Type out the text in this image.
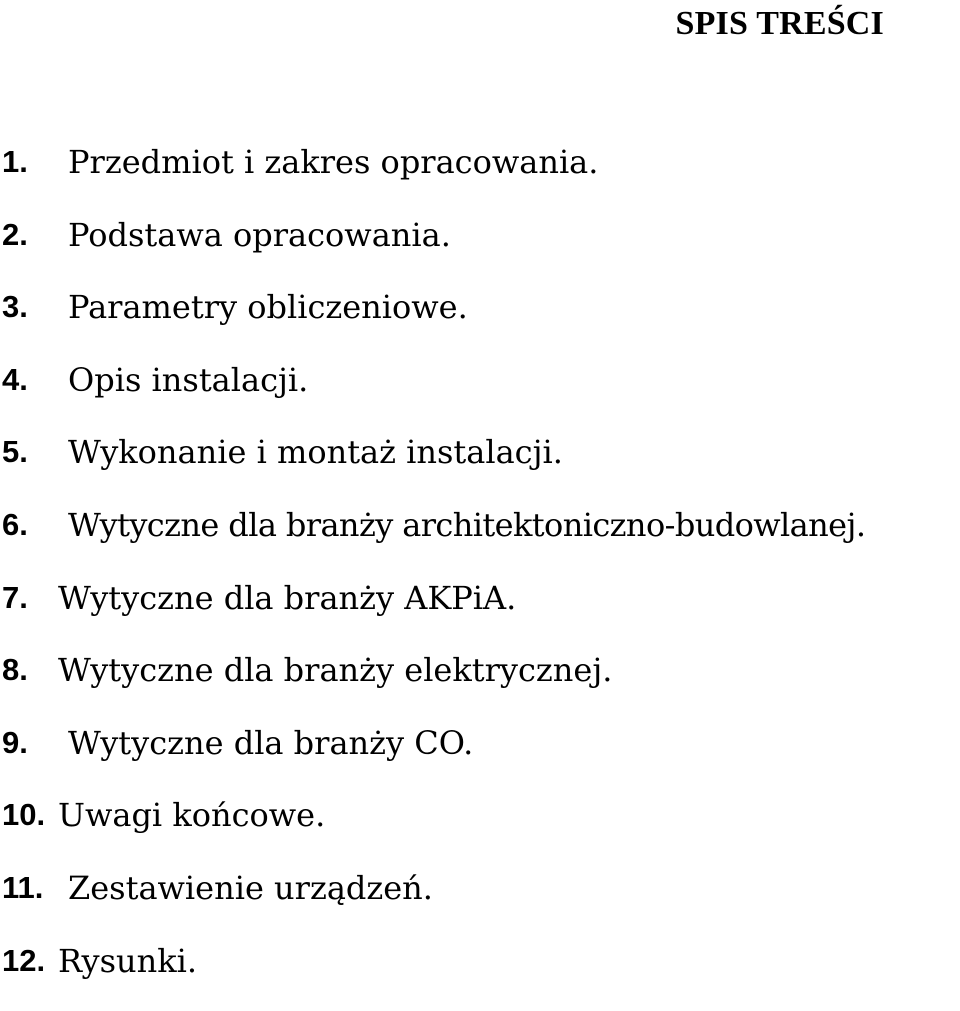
SPIS TREŚCI
1.	Przedmiot i zakres opracowania.
2.	Podstawa opracowania.
3.	Parametry obliczeniowe.
4.	Opis instalacji.
5.	Wykonanie i montaż instalacji.
6.	Wytyczne dla branży architektoniczno-budowlanej.
7. Wytyczne dla branży AKPiA.
8. Wytyczne dla branży elektrycznej.
9.	Wytyczne dla branży CO.
10. Uwagi końcowe.
11. Zestawienie urządzeń.
12. Rysunki.
